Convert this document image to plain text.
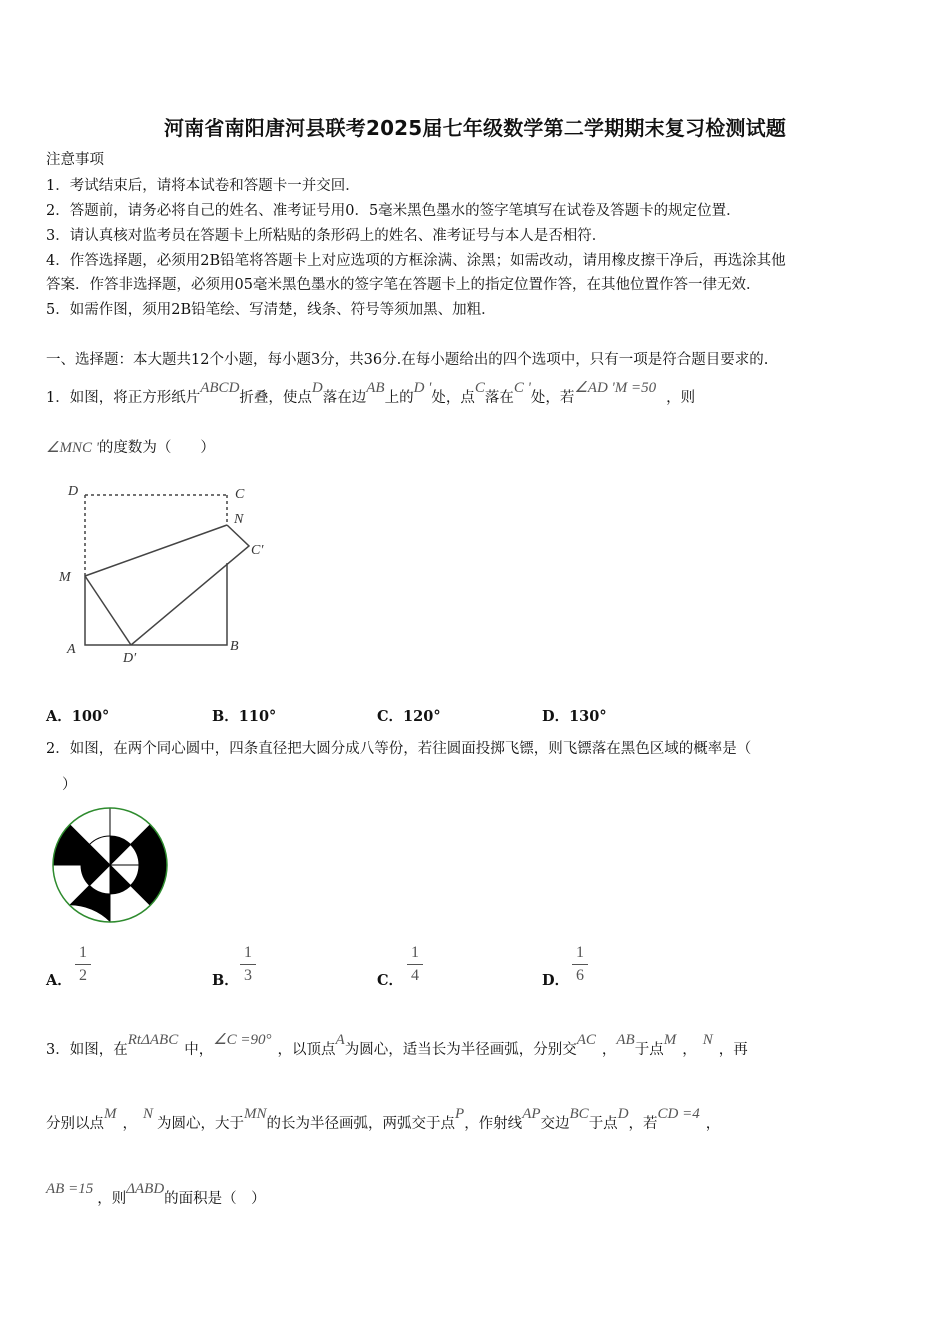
河南省南阳唐河县联考2025届七年级数学第二学期期末复习检测试题
注意事项
1．考试结束后，请将本试卷和答题卡一并交回．
2．答题前，请务必将自己的姓名、准考证号用0．5毫米黑色墨水的签字笔填写在试卷及答题卡的规定位置．
3．请认真核对监考员在答题卡上所粘贴的条形码上的姓名、准考证号与本人是否相符．
4．作答选择题，必须用2B铅笔将答题卡上对应选项的方框涂满、涂黑；如需改动，请用橡皮擦干净后，再选涂其他
答案．作答非选择题，必须用05毫米黑色墨水的签字笔在答题卡上的指定位置作答，在其他位置作答一律无效．
5．如需作图，须用2B铅笔绘、写清楚，线条、符号等须加黑、加粗．
一、选择题：本大题共12个小题，每小题3分，共36分.在每小题给出的四个选项中，只有一项是符合题目要求的.
1．如图，将正方形纸片ABCD折叠，使点D落在边AB上的D '处，点C落在C '处，若∠AD 'M =50，则
∠MNC '的度数为（　　）
D	C
N
C′
M
A
D′
B
A．100°	B．110°	C．120°	D．130°
2．如图，在两个同心圆中，四条直径把大圆分成八等份，若往圆面投掷飞镖，则飞镖落在黑色区域的概率是（
）
A．
1
2	B．
1
3	C．
1
4	D．
1
6
3．如图，在RtΔABC中，∠C =90°，以顶点A为圆心，适当长为半径画弧，分别交AC，AB于点M，N，再
分别以点M，N为圆心，大于MN的长为半径画弧，两弧交于点P，作射线AP交边BC于点D，若CD =4，
AB =15，则ΔABD的面积是（　）
